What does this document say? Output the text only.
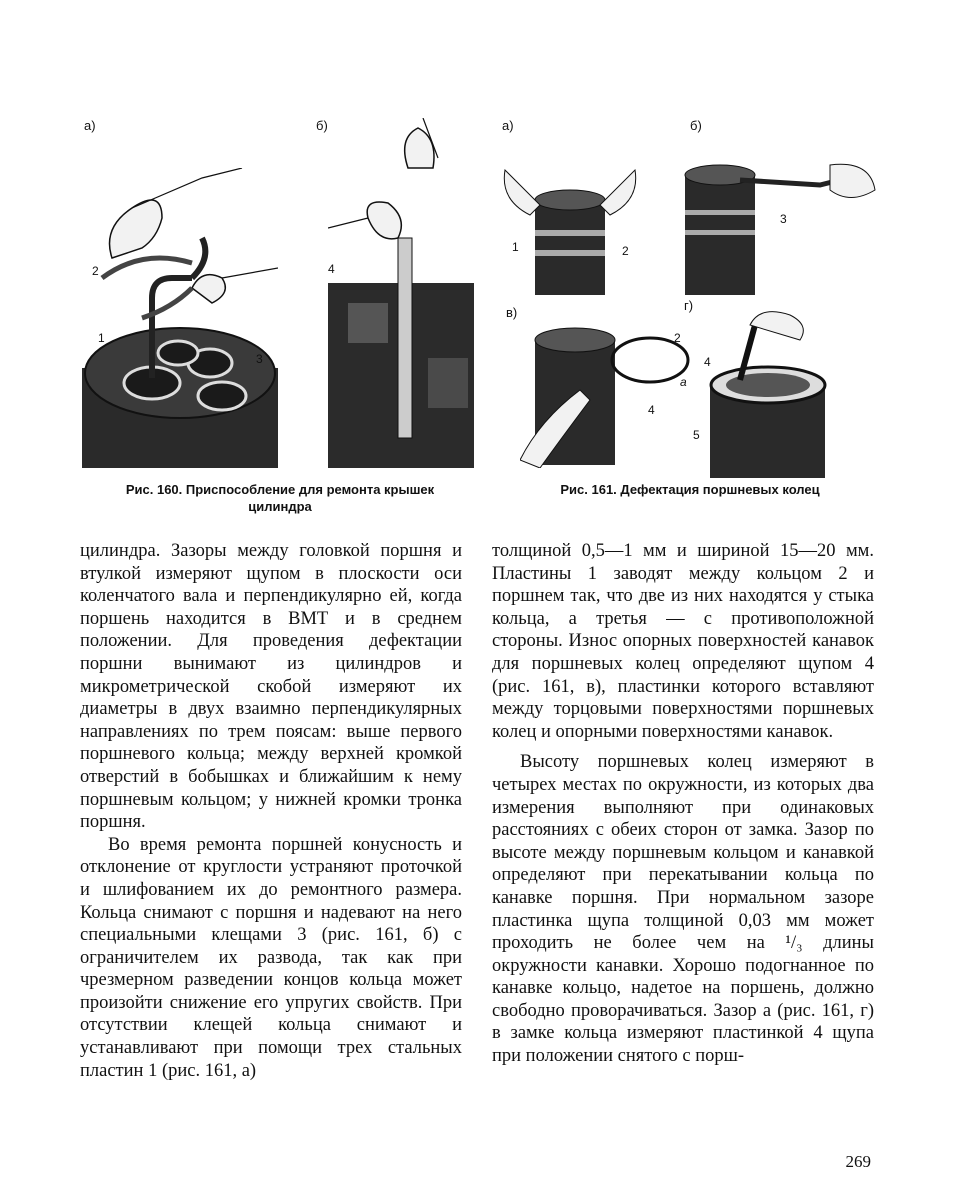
а)	б)
2
1
3
4
Рис. 160. Приспособление для ремонта крышек
цилиндра
а)	б)
в)	г)
1	2
3
2
4
4
а
5
Рис. 161. Дефектация поршневых колец

цилиндра. Зазоры между головкой поршня и втулкой измеряют щупом в плоскости оси коленчатого вала и перпендикулярно ей, когда поршень находится в ВМТ и в среднем положении. Для проведения дефектации поршни вынимают из цилиндров и микрометрической скобой измеряют их диаметры в двух взаимно перпендикулярных направлениях по трем поясам: выше первого поршневого кольца; между верхней кромкой отверстий в бобышках и ближайшим к нему поршневым кольцом; у нижней кромки тронка поршня.

Во время ремонта поршней конусность и отклонение от круглости устраняют проточкой и шлифованием их до ремонтного размера. Кольца снимают с поршня и надевают на него специальными клещами 3 (рис. 161, б) с ограничителем их развода, так как при чрезмерном разведении концов кольца может произойти снижение его упругих свойств. При отсутствии клещей кольца снимают и устанавливают при помощи трех стальных пластин 1 (рис. 161, а)

толщиной 0,5—1 мм и шириной 15—20 мм. Пластины 1 заводят между кольцом 2 и поршнем так, что две из них находятся у стыка кольца, а третья — с противоположной стороны. Износ опорных поверхностей канавок для поршневых колец определяют щупом 4 (рис. 161, в), пластинки которого вставляют между торцовыми поверхностями поршневых колец и опорными поверхностями канавок.

Высоту поршневых колец измеряют в четырех местах по окружности, из которых два измерения выполняют при одинаковых расстояниях с обеих сторон от замка. Зазор по высоте между поршневым кольцом и канавкой определяют при перекатывании кольца по канавке поршня. При нормальном зазоре пластинка щупа толщиной 0,03 мм может проходить не более чем на ¹/₃ длины окружности канавки. Хорошо подогнанное по канавке кольцо, надетое на поршень, должно свободно проворачиваться. Зазор а (рис. 161, г) в замке кольца измеряют пластинкой 4 щупа при положении снятого с порш-

269
